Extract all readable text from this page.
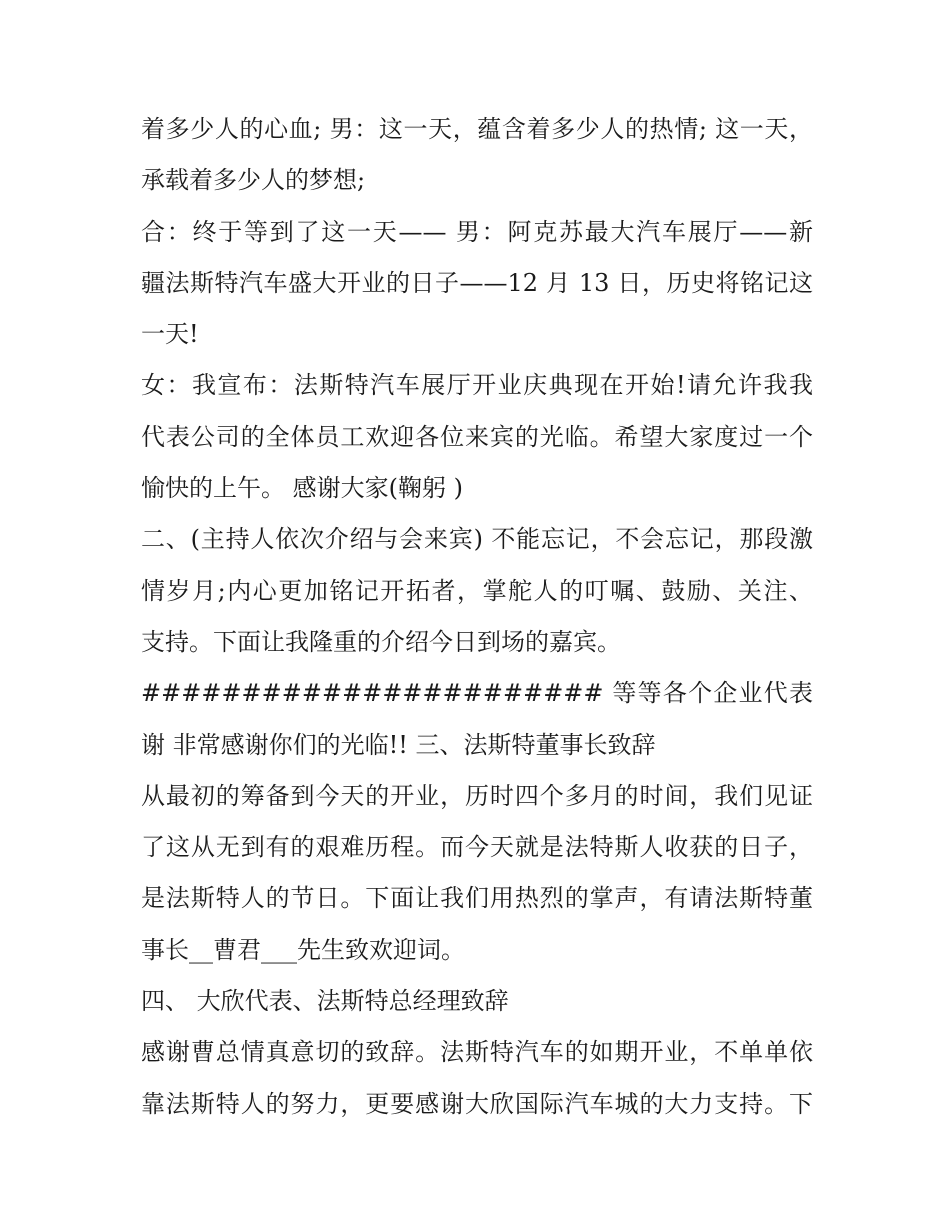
着多少人的心血; 男：这一天，蕴含着多少人的热情; 这一天，
承载着多少人的梦想;
合：终于等到了这一天—— 男：阿克苏最大汽车展厅——新
疆法斯特汽车盛大开业的日子——12 月 13 日，历史将铭记这
一天!
女：我宣布：法斯特汽车展厅开业庆典现在开始!请允许我我
代表公司的全体员工欢迎各位来宾的光临。希望大家度过一个
愉快的上午。 感谢大家(鞠躬 )
二、(主持人依次介绍与会来宾) 不能忘记，不会忘记，那段激
情岁月;内心更加铭记开拓者，掌舵人的叮嘱、鼓励、关注、
支持。下面让我隆重的介绍今日到场的嘉宾。
####################### 等等各个企业代表
谢 非常感谢你们的光临!! 三、法斯特董事长致辞
从最初的筹备到今天的开业，历时四个多月的时间，我们见证
了这从无到有的艰难历程。而今天就是法特斯人收获的日子，
是法斯特人的节日。下面让我们用热烈的掌声，有请法斯特董
事长__曹君___先生致欢迎词。
四、 大欣代表、法斯特总经理致辞
感谢曹总情真意切的致辞。法斯特汽车的如期开业，不单单依
靠法斯特人的努力，更要感谢大欣国际汽车城的大力支持。下
